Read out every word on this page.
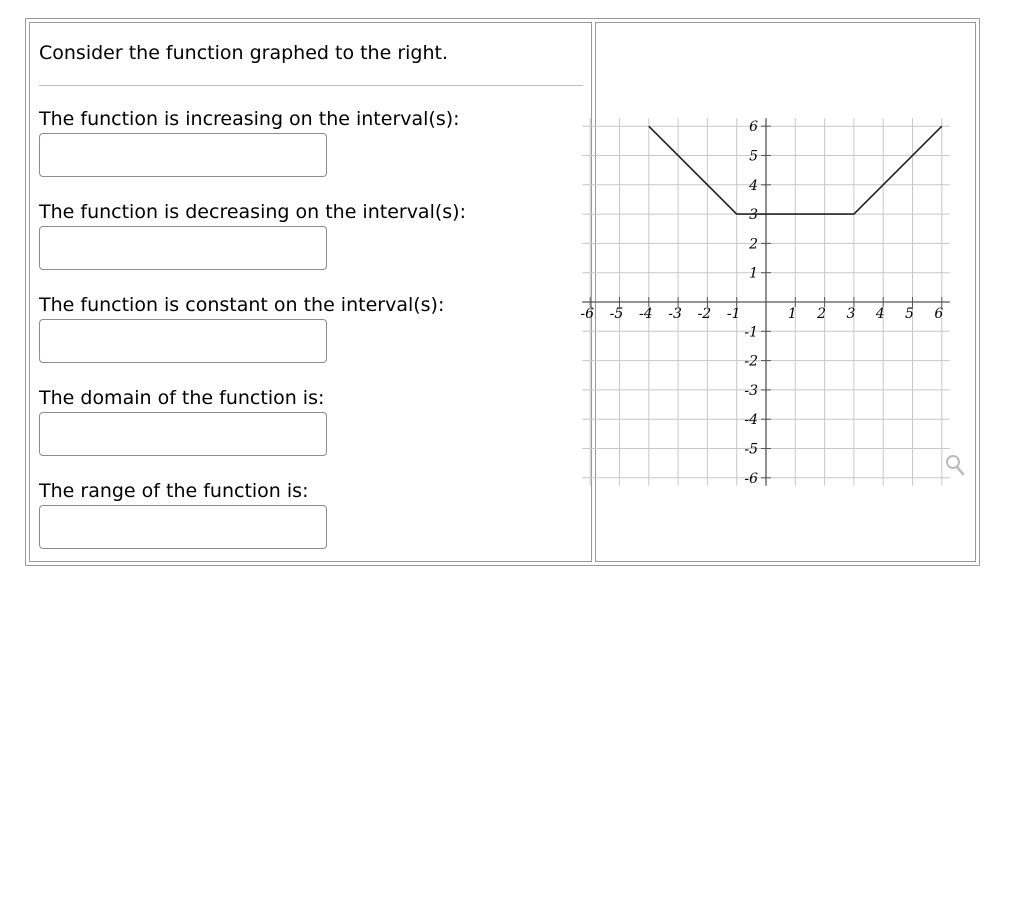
Consider the function graphed to the right.
The function is increasing on the interval(s):
The function is decreasing on the interval(s):
The function is constant on the interval(s):
The domain of the function is:
The range of the function is:
-6 -5 -4 -3 -2 -1	1 2 3 4 5 6
6
5
4
3
2
1
-1
-2
-3
-4
-5
-6
